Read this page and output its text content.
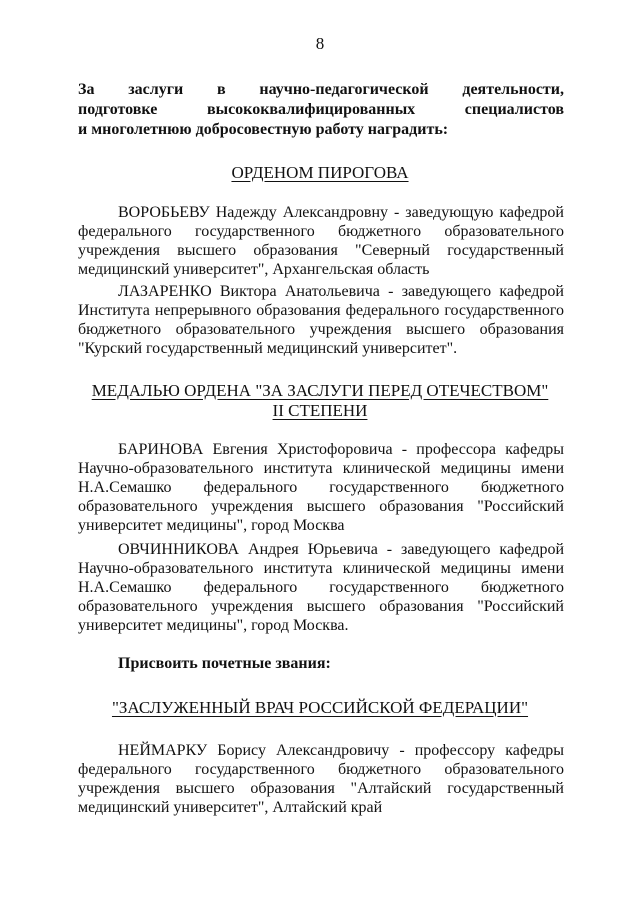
8
За заслуги в научно-педагогической деятельности,
подготовке высококвалифицированных специалистов
и многолетнюю добросовестную работу наградить:
ОРДЕНОМ ПИРОГОВА
ВОРОБЬЕВУ Надежду Александровну - заведующую кафедрой
федерального государственного бюджетного образовательного
учреждения высшего образования "Северный государственный
медицинский университет", Архангельская область
ЛАЗАРЕНКО Виктора Анатольевича - заведующего кафедрой
Института непрерывного образования федерального государственного
бюджетного образовательного учреждения высшего образования
"Курский государственный медицинский университет".
МЕДАЛЬЮ ОРДЕНА "ЗА ЗАСЛУГИ ПЕРЕД ОТЕЧЕСТВОМ"
II СТЕПЕНИ
БАРИНОВА Евгения Христофоровича - профессора кафедры
Научно-образовательного института клинической медицины имени
Н.А.Семашко федерального государственного бюджетного
образовательного учреждения высшего образования "Российский
университет медицины", город Москва
ОВЧИННИКОВА Андрея Юрьевича - заведующего кафедрой
Научно-образовательного института клинической медицины имени
Н.А.Семашко федерального государственного бюджетного
образовательного учреждения высшего образования "Российский
университет медицины", город Москва.
Присвоить почетные звания:
"ЗАСЛУЖЕННЫЙ ВРАЧ РОССИЙСКОЙ ФЕДЕРАЦИИ"
НЕЙМАРКУ Борису Александровичу - профессору кафедры
федерального государственного бюджетного образовательного
учреждения высшего образования "Алтайский государственный
медицинский университет", Алтайский край
